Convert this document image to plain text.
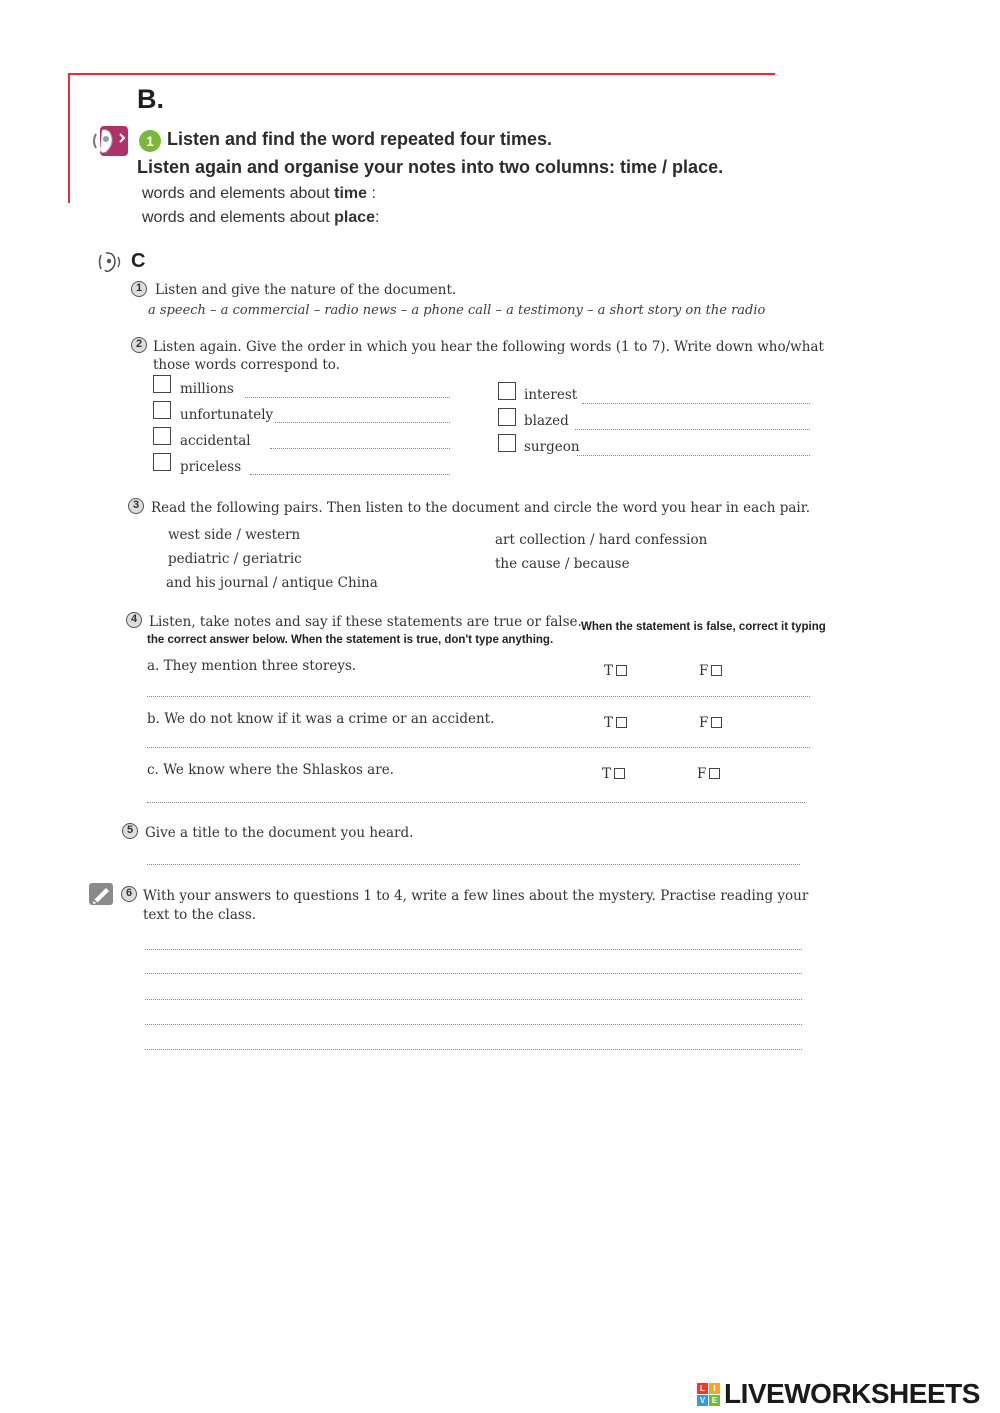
B.
1 Listen and find the word repeated four times.
Listen again and organise your notes into two columns: time / place.
words and elements about time :
words and elements about place:
C
1 Listen and give the nature of the document.
a speech – a commercial – radio news – a phone call – a testimony – a short story on the radio
2 Listen again. Give the order in which you hear the following words (1 to 7). Write down who/what
those words correspond to.
millions
unfortunately
accidental
priceless
interest
blazed
surgeon
3 Read the following pairs. Then listen to the document and circle the word you hear in each pair.
west side / western
pediatric / geriatric
and his journal / antique China
art collection / hard confession
the cause / because
4 Listen, take notes and say if these statements are true or false. When the statement is false, correct it typing
the correct answer below. When the statement is true, don't type anything.
a. They mention three storeys.	T	F
b. We do not know if it was a crime or an accident.	T	F
c. We know where the Shlaskos are.	T	F
5 Give a title to the document you heard.
6 With your answers to questions 1 to 4, write a few lines about the mystery. Practise reading your
text to the class.
L	I
V E LIVEWORKSHEETS
